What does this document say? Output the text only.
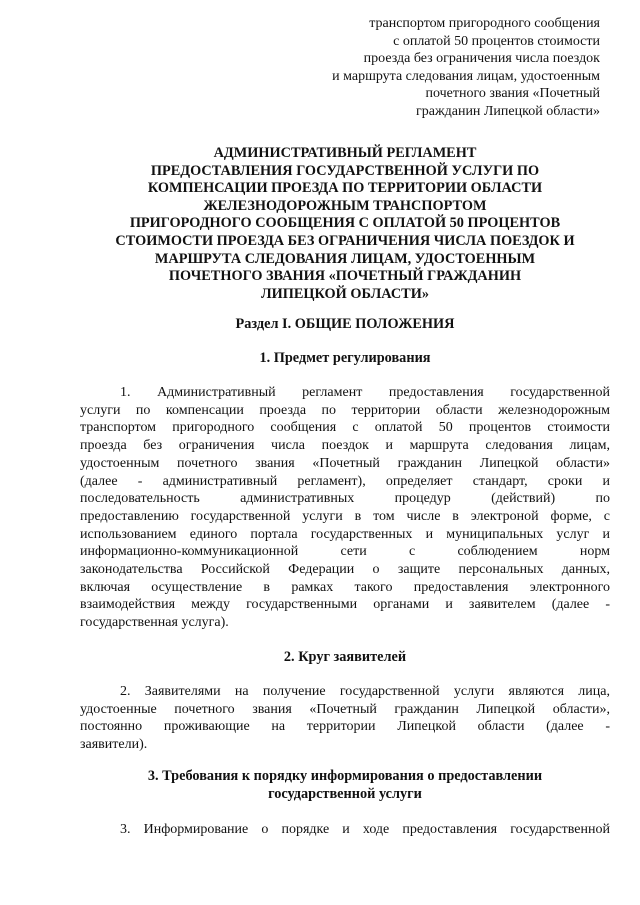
транспортом пригородного сообщения
с оплатой 50 процентов стоимости
проезда без ограничения числа поездок
и маршрута следования лицам, удостоенным
почетного звания «Почетный
гражданин Липецкой области»
АДМИНИСТРАТИВНЫЙ РЕГЛАМЕНТ
ПРЕДОСТАВЛЕНИЯ ГОСУДАРСТВЕННОЙ УСЛУГИ ПО
КОМПЕНСАЦИИ ПРОЕЗДА ПО ТЕРРИТОРИИ ОБЛАСТИ
ЖЕЛЕЗНОДОРОЖНЫМ ТРАНСПОРТОМ
ПРИГОРОДНОГО СООБЩЕНИЯ С ОПЛАТОЙ 50 ПРОЦЕНТОВ
СТОИМОСТИ ПРОЕЗДА БЕЗ ОГРАНИЧЕНИЯ ЧИСЛА ПОЕЗДОК И
МАРШРУТА СЛЕДОВАНИЯ ЛИЦАМ, УДОСТОЕННЫМ
ПОЧЕТНОГО ЗВАНИЯ «ПОЧЕТНЫЙ ГРАЖДАНИН
ЛИПЕЦКОЙ ОБЛАСТИ»
Раздел I. ОБЩИЕ ПОЛОЖЕНИЯ
1. Предмет регулирования
1. Административный регламент предоставления государственной
услуги по компенсации проезда по территории области железнодорожным
транспортом пригородного сообщения с оплатой 50 процентов стоимости
проезда без ограничения числа поездок и маршрута следования лицам,
удостоенным почетного звания «Почетный гражданин Липецкой области»
(далее - административный регламент), определяет стандарт, сроки и
последовательность административных процедур (действий) по
предоставлению государственной услуги в том числе в электроной форме, с
использованием единого портала государственных и муниципальных услуг и
информационно-коммуникационной сети с соблюдением норм
законодательства Российской Федерации о защите персональных данных,
включая осуществление в рамках такого предоставления электронного
взаимодействия между государственными органами и заявителем (далее -
государственная услуга).
2. Круг заявителей
2. Заявителями на получение государственной услуги являются лица,
удостоенные почетного звания «Почетный гражданин Липецкой области»,
постоянно проживающие на территории Липецкой области (далее -
заявители).
3. Требования к порядку информирования о предоставлении
государственной услуги
3. Информирование о порядке и ходе предоставления государственной
